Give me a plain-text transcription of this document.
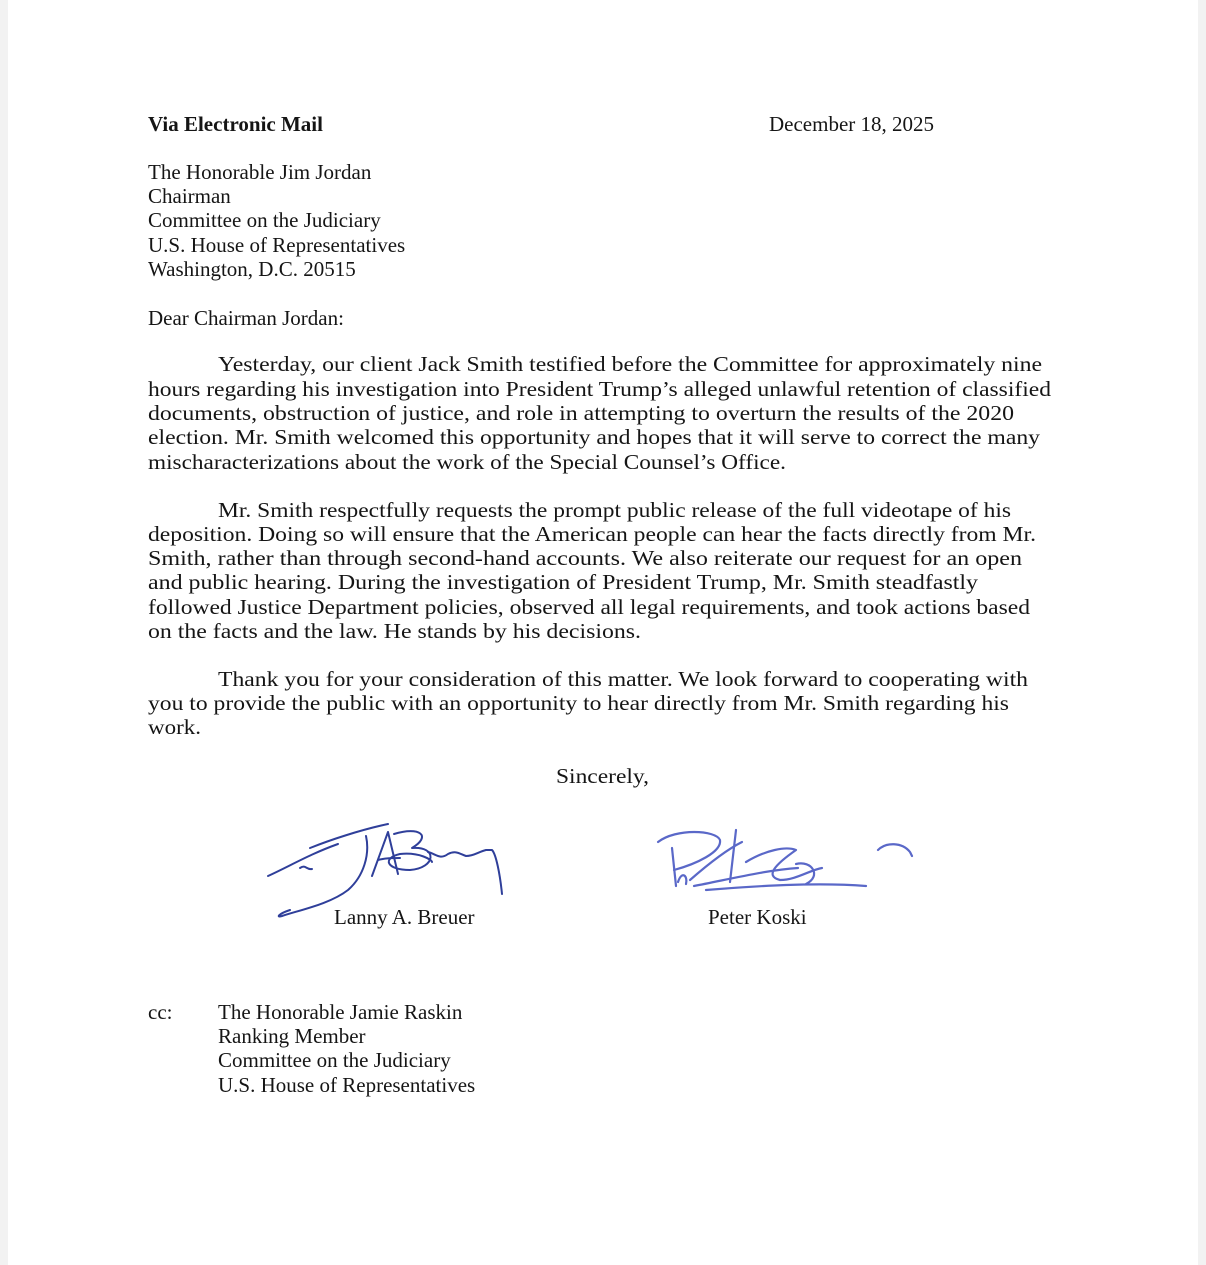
Via Electronic Mail	December 18, 2025
The Honorable Jim Jordan
Chairman
Committee on the Judiciary
U.S. House of Representatives
Washington, D.C. 20515
Dear Chairman Jordan:
Yesterday, our client Jack Smith testified before the Committee for approximately nine
hours regarding his investigation into President Trump’s alleged unlawful retention of classified
documents, obstruction of justice, and role in attempting to overturn the results of the 2020
election. Mr. Smith welcomed this opportunity and hopes that it will serve to correct the many
mischaracterizations about the work of the Special Counsel’s Office.
Mr. Smith respectfully requests the prompt public release of the full videotape of his
deposition. Doing so will ensure that the American people can hear the facts directly from Mr.
Smith, rather than through second-hand accounts. We also reiterate our request for an open
and public hearing. During the investigation of President Trump, Mr. Smith steadfastly
followed Justice Department policies, observed all legal requirements, and took actions based
on the facts and the law. He stands by his decisions.
Thank you for your consideration of this matter. We look forward to cooperating with
you to provide the public with an opportunity to hear directly from Mr. Smith regarding his
work.
Sincerely,
Lanny A. Breuer	Peter Koski
cc: The Honorable Jamie Raskin
Ranking Member
Committee on the Judiciary
U.S. House of Representatives
